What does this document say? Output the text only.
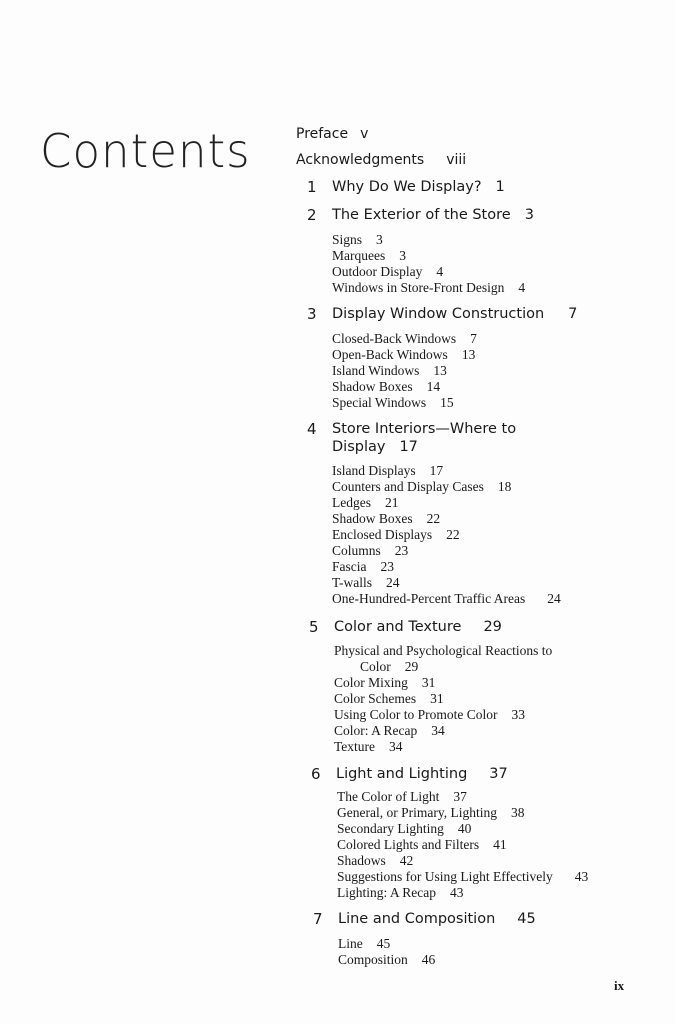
Contents	Preface v
Acknowledgments viii
1 Why Do We Display? 1
2 The Exterior of the Store 3
Signs 3
Marquees 3
Outdoor Display 4
Windows in Store-Front Design 4
3 Display Window Construction 7
Closed-Back Windows 7
Open-Back Windows 13
Island Windows 13
Shadow Boxes 14
Special Windows 15
4 Store Interiors—Where to
Display 17
Island Displays 17
Counters and Display Cases 18
Ledges 21
Shadow Boxes 22
Enclosed Displays 22
Columns 23
Fascia 23
T-walls 24
One-Hundred-Percent Traffic Areas 24
5 Color and Texture 29
Physical and Psychological Reactions to
Color 29
Color Mixing 31
Color Schemes 31
Using Color to Promote Color 33
Color: A Recap 34
Texture 34
6 Light and Lighting 37
The Color of Light 37
General, or Primary, Lighting 38
Secondary Lighting 40
Colored Lights and Filters 41
Shadows 42
Suggestions for Using Light Effectively 43
Lighting: A Recap 43
7 Line and Composition 45
Line 45
Composition 46
ix
